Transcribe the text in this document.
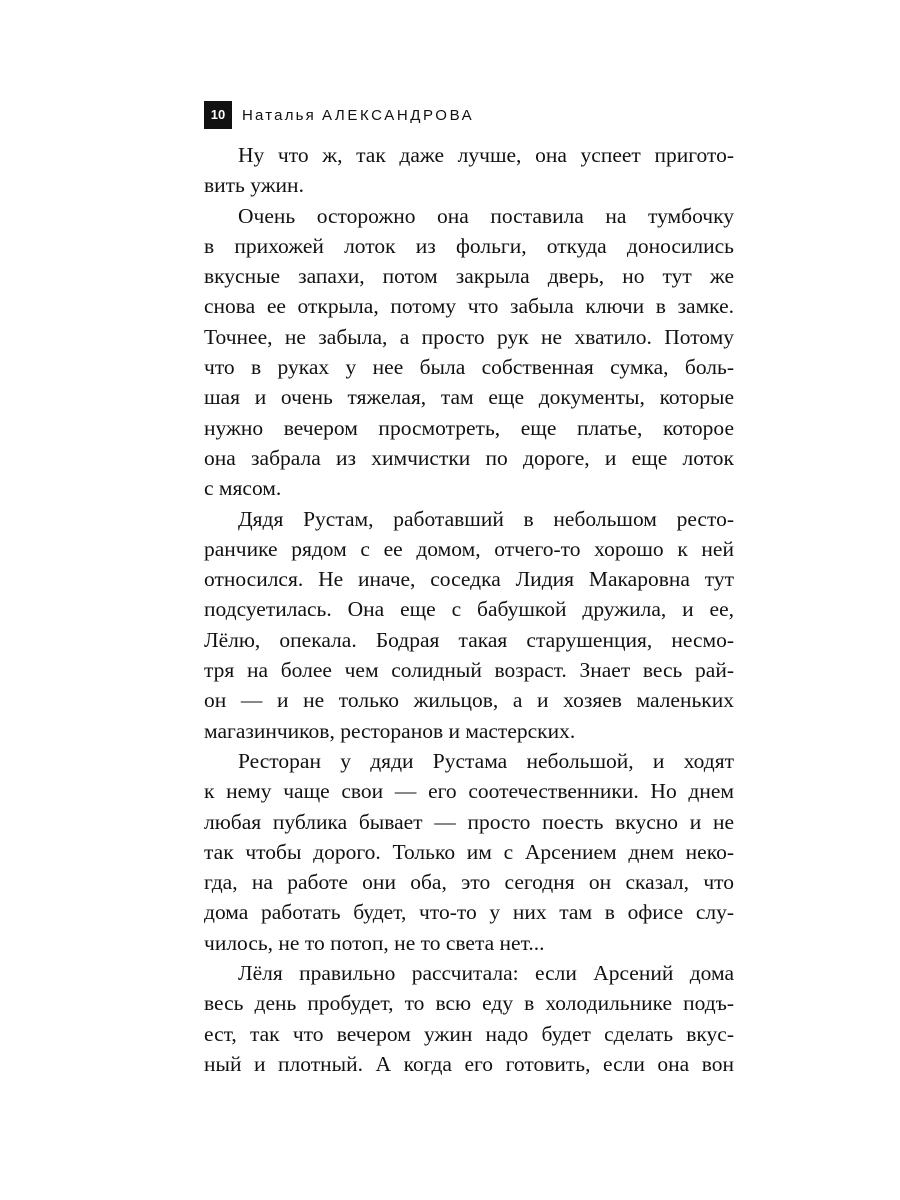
10	Наталья АЛЕКСАНДРОВА

Ну что ж, так даже лучше, она успеет пригото-
вить ужин.

Очень осторожно она поставила на тумбочку
в прихожей лоток из фольги, откуда доносились
вкусные запахи, потом закрыла дверь, но тут же
снова ее открыла, потому что забыла ключи в замке.
Точнее, не забыла, а просто рук не хватило. Потому
что в руках у нее была собственная сумка, боль-
шая и очень тяжелая, там еще документы, которые
нужно вечером просмотреть, еще платье, которое
она забрала из химчистки по дороге, и еще лоток
с мясом.

Дядя Рустам, работавший в небольшом ресто-
ранчике рядом с ее домом, отчего-то хорошо к ней
относился. Не иначе, соседка Лидия Макаровна тут
подсуетилась. Она еще с бабушкой дружила, и ее,
Лёлю, опекала. Бодрая такая старушенция, несмо-
тря на более чем солидный возраст. Знает весь рай-
он — и не только жильцов, а и хозяев маленьких
магазинчиков, ресторанов и мастерских.

Ресторан у дяди Рустама небольшой, и ходят
к нему чаще свои — его соотечественники. Но днем
любая публика бывает — просто поесть вкусно и не
так чтобы дорого. Только им с Арсением днем неко-
гда, на работе они оба, это сегодня он сказал, что
дома работать будет, что-то у них там в офисе слу-
чилось, не то потоп, не то света нет...

Лёля правильно рассчитала: если Арсений дома
весь день пробудет, то всю еду в холодильнике подъ-
ест, так что вечером ужин надо будет сделать вкус-
ный и плотный. А когда его готовить, если она вон
